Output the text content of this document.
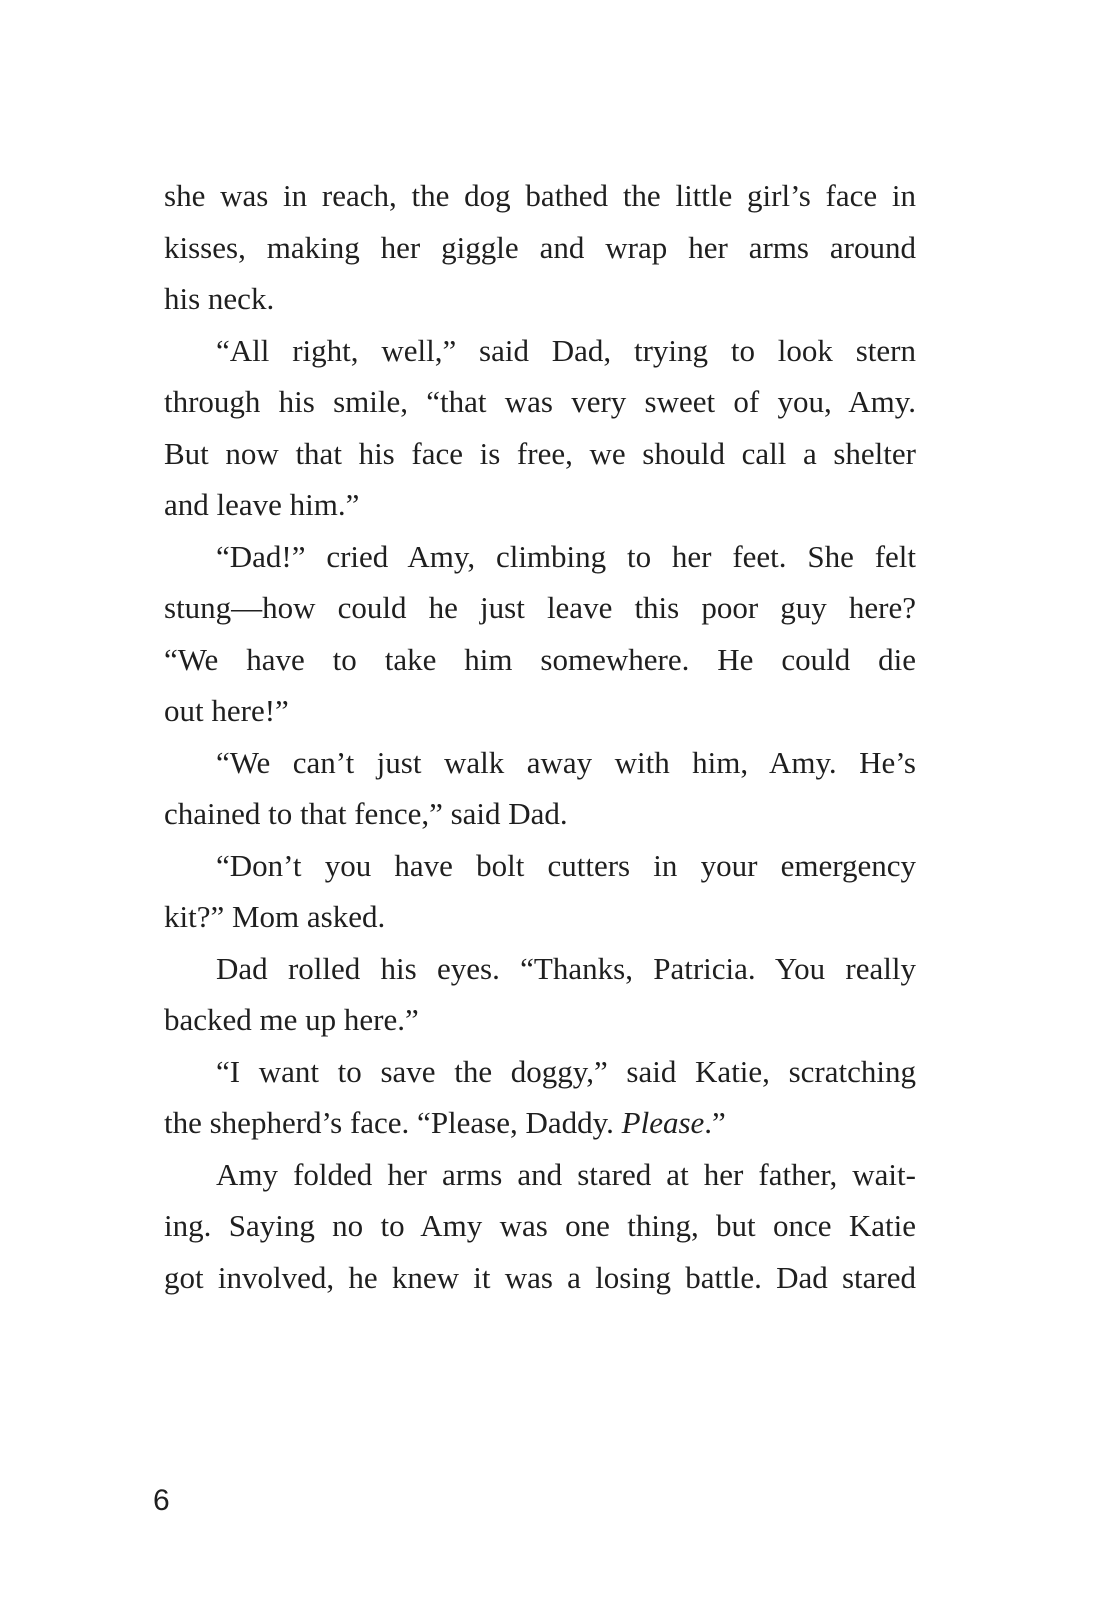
she was in reach, the dog bathed the little girl’s face in
kisses, making her giggle and wrap her arms around
his neck.
“All right, well,” said Dad, trying to look stern
through his smile, “that was very sweet of you, Amy.
But now that his face is free, we should call a shelter
and leave him.”
“Dad!” cried Amy, climbing to her feet. She felt
stung—how could he just leave this poor guy here?
“We have to take him somewhere. He could die
out here!”
“We can’t just walk away with him, Amy. He’s
chained to that fence,” said Dad.
“Don’t you have bolt cutters in your emergency
kit?” Mom asked.
Dad rolled his eyes. “Thanks, Patricia. You really
backed me up here.”
“I want to save the doggy,” said Katie, scratching
the shepherd’s face. “Please, Daddy. Please.”
Amy folded her arms and stared at her father, wait-
ing. Saying no to Amy was one thing, but once Katie
got involved, he knew it was a losing battle. Dad stared
6
